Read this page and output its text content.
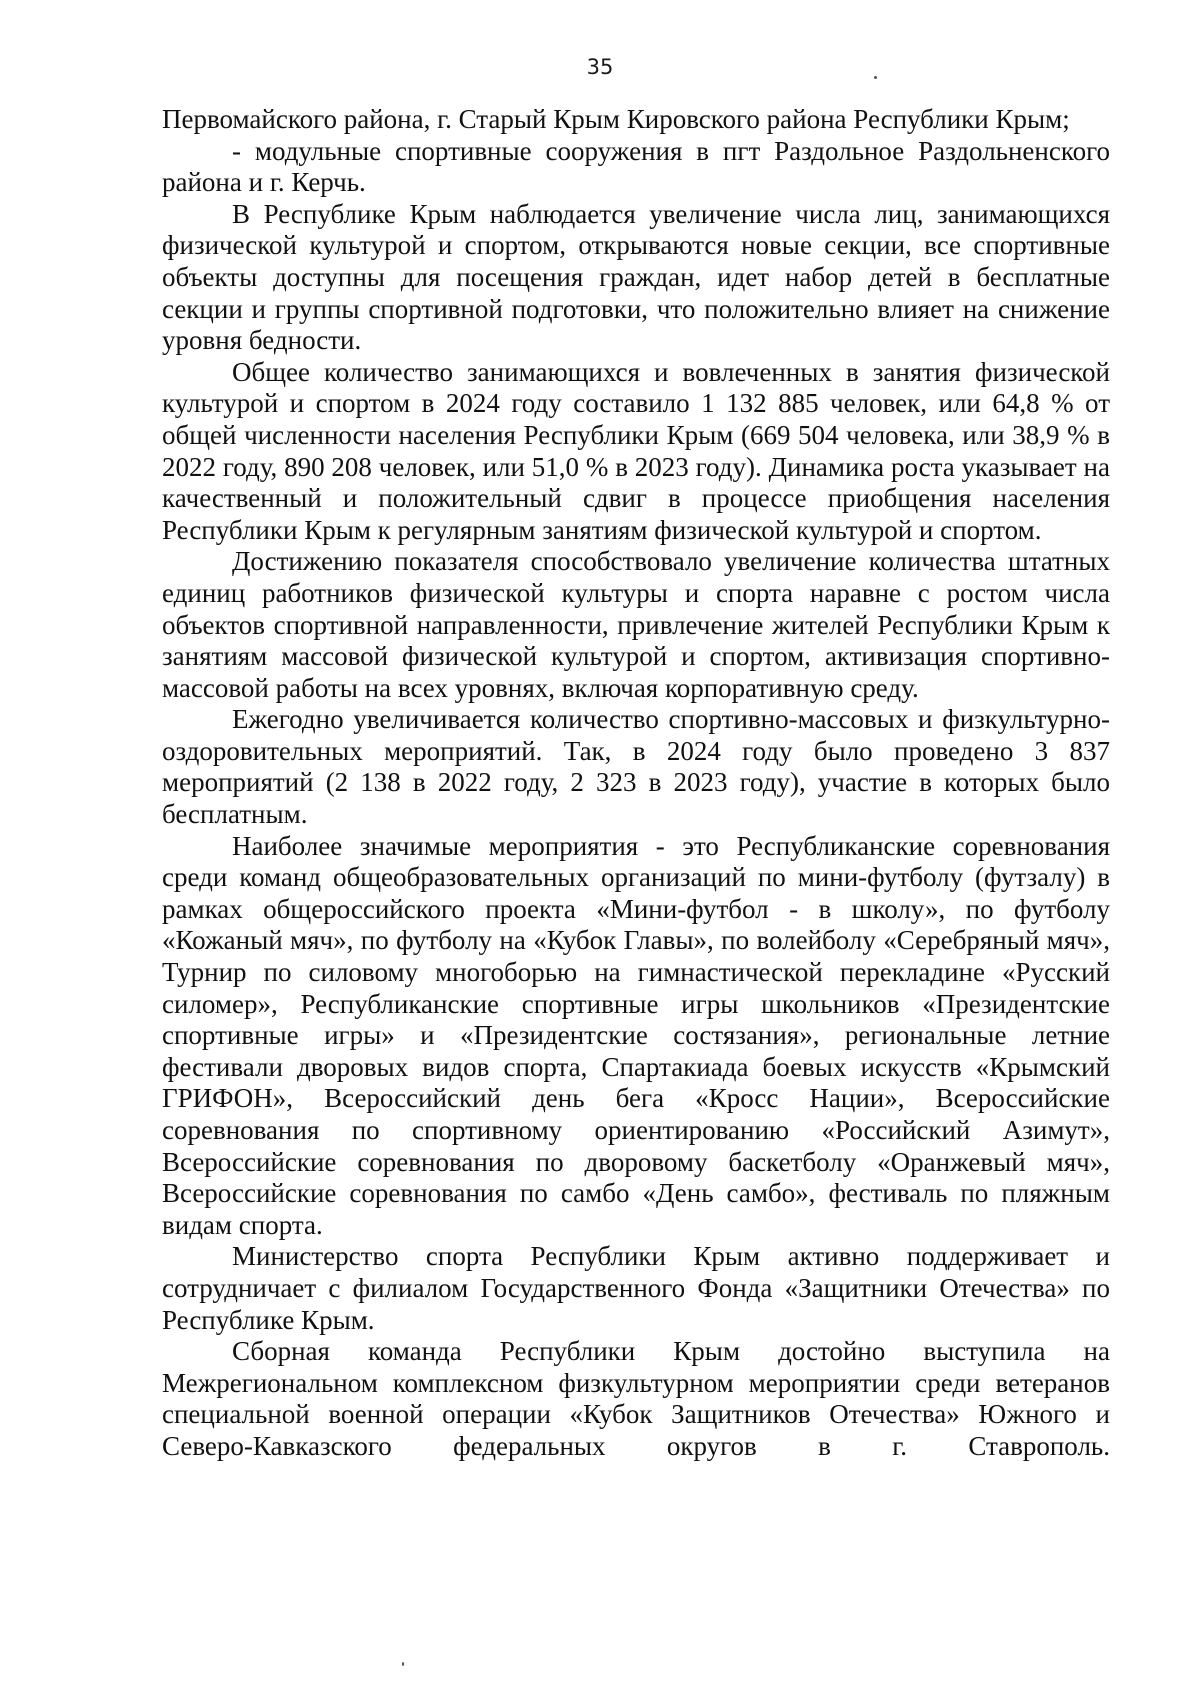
35

Первомайского района, г. Старый Крым Кировского района Республики Крым;

- модульные спортивные сооружения в пгт Раздольное Раздольненского района и г. Керчь.

В Республике Крым наблюдается увеличение числа лиц, занимающихся физической культурой и спортом, открываются новые секции, все спортивные объекты доступны для посещения граждан, идет набор детей в бесплатные секции и группы спортивной подготовки, что положительно влияет на снижение уровня бедности.

Общее количество занимающихся и вовлеченных в занятия физической культурой и спортом в 2024 году составило 1 132 885 человек, или 64,8 % от общей численности населения Республики Крым (669 504 человека, или 38,9 % в 2022 году, 890 208 человек, или 51,0 % в 2023 году). Динамика роста указывает на качественный и положительный сдвиг в процессе приобщения населения Республики Крым к регулярным занятиям физической культурой и спортом.

Достижению показателя способствовало увеличение количества штатных единиц работников физической культуры и спорта наравне с ростом числа объектов спортивной направленности, привлечение жителей Республики Крым к занятиям массовой физической культурой и спортом, активизация спортивно-массовой работы на всех уровнях, включая корпоративную среду.

Ежегодно увеличивается количество спортивно-массовых и физкультурно-оздоровительных мероприятий. Так, в 2024 году было проведено 3 837 мероприятий (2 138 в 2022 году, 2 323 в 2023 году), участие в которых было бесплатным.

Наиболее значимые мероприятия - это Республиканские соревнования среди команд общеобразовательных организаций по мини-футболу (футзалу) в рамках общероссийского проекта «Мини-футбол - в школу», по футболу «Кожаный мяч», по футболу на «Кубок Главы», по волейболу «Серебряный мяч», Турнир по силовому многоборью на гимнастической перекладине «Русский силомер», Республиканские спортивные игры школьников «Президентские спортивные игры» и «Президентские состязания», региональные летние фестивали дворовых видов спорта, Спартакиада боевых искусств «Крымский ГРИФОН», Всероссийский день бега «Кросс Нации», Всероссийские соревнования по спортивному ориентированию «Российский Азимут», Всероссийские соревнования по дворовому баскетболу «Оранжевый мяч», Всероссийские соревнования по самбо «День самбо», фестиваль по пляжным видам спорта.

Министерство спорта Республики Крым активно поддерживает и сотрудничает с филиалом Государственного Фонда «Защитники Отечества» по Республике Крым.

Сборная команда Республики Крым достойно выступила на Межрегиональном комплексном физкультурном мероприятии среди ветеранов специальной военной операции «Кубок Защитников Отечества» Южного и Северо-Кавказского федеральных округов в г. Ставрополь.
